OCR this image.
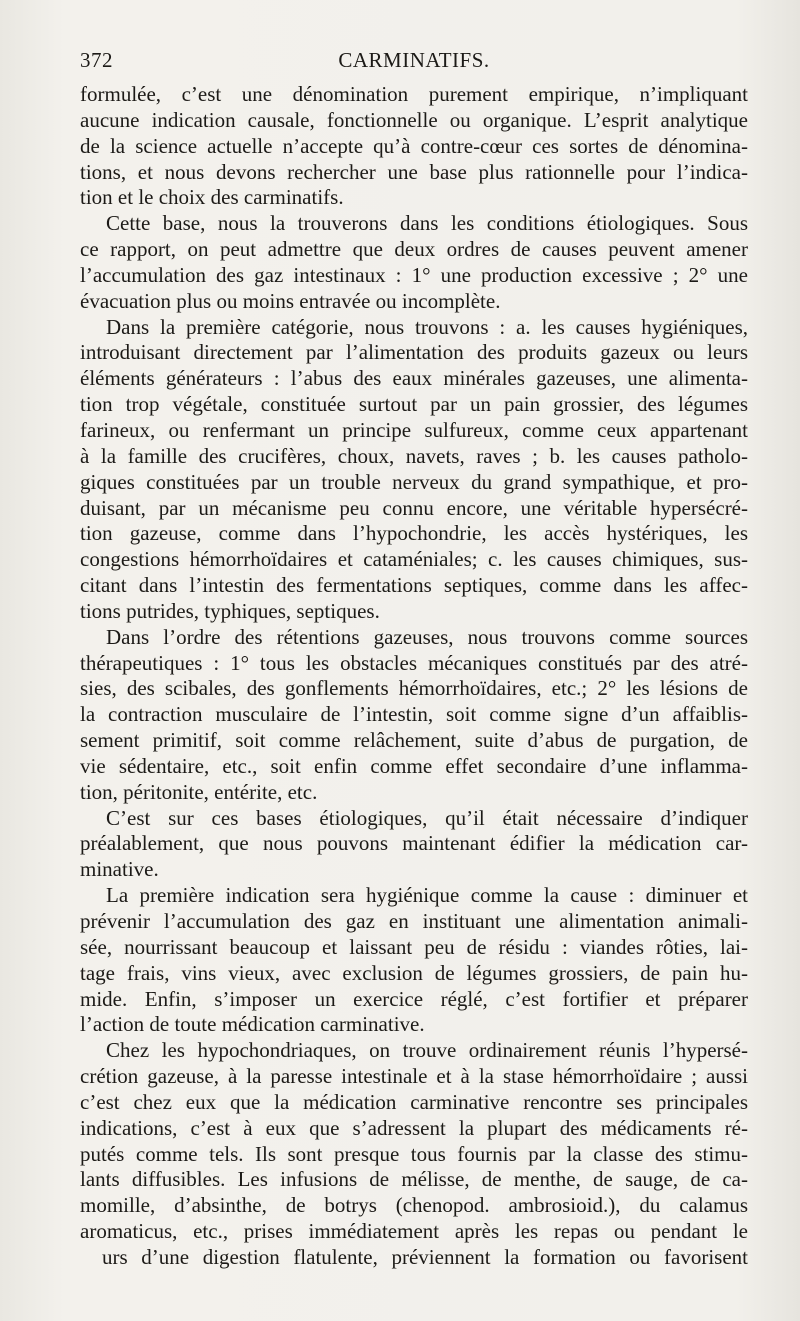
372	CARMINATIFS.

formulée, c’est une dénomination purement empirique, n’impliquant
aucune indication causale, fonctionnelle ou organique. L’esprit analytique
de la science actuelle n’accepte qu’à contre-cœur ces sortes de dénomina-
tions, et nous devons rechercher une base plus rationnelle pour l’indica-
tion et le choix des carminatifs.

Cette base, nous la trouverons dans les conditions étiologiques. Sous
ce rapport, on peut admettre que deux ordres de causes peuvent amener
l’accumulation des gaz intestinaux : 1° une production excessive ; 2° une
évacuation plus ou moins entravée ou incomplète.

Dans la première catégorie, nous trouvons : a. les causes hygiéniques,
introduisant directement par l’alimentation des produits gazeux ou leurs
éléments générateurs : l’abus des eaux minérales gazeuses, une alimenta-
tion trop végétale, constituée surtout par un pain grossier, des légumes
farineux, ou renfermant un principe sulfureux, comme ceux appartenant
à la famille des crucifères, choux, navets, raves ; b. les causes patholo-
giques constituées par un trouble nerveux du grand sympathique, et pro-
duisant, par un mécanisme peu connu encore, une véritable hypersécré-
tion gazeuse, comme dans l’hypochondrie, les accès hystériques, les
congestions hémorrhoïdaires et cataméniales; c. les causes chimiques, sus-
citant dans l’intestin des fermentations septiques, comme dans les affec-
tions putrides, typhiques, septiques.

Dans l’ordre des rétentions gazeuses, nous trouvons comme sources
thérapeutiques : 1° tous les obstacles mécaniques constitués par des atré-
sies, des scibales, des gonflements hémorrhoïdaires, etc.; 2° les lésions de
la contraction musculaire de l’intestin, soit comme signe d’un affaiblis-
sement primitif, soit comme relâchement, suite d’abus de purgation, de
vie sédentaire, etc., soit enfin comme effet secondaire d’une inflamma-
tion, péritonite, entérite, etc.

C’est sur ces bases étiologiques, qu’il était nécessaire d’indiquer
préalablement, que nous pouvons maintenant édifier la médication car-
minative.

La première indication sera hygiénique comme la cause : diminuer et
prévenir l’accumulation des gaz en instituant une alimentation animali-
sée, nourrissant beaucoup et laissant peu de résidu : viandes rôties, lai-
tage frais, vins vieux, avec exclusion de légumes grossiers, de pain hu-
mide. Enfin, s’imposer un exercice réglé, c’est fortifier et préparer
l’action de toute médication carminative.

Chez les hypochondriaques, on trouve ordinairement réunis l’hypersé-
crétion gazeuse, à la paresse intestinale et à la stase hémorrhoïdaire ; aussi
c’est chez eux que la médication carminative rencontre ses principales
indications, c’est à eux que s’adressent la plupart des médicaments ré-
putés comme tels. Ils sont presque tous fournis par la classe des stimu-
lants diffusibles. Les infusions de mélisse, de menthe, de sauge, de ca-
momille, d’absinthe, de botrys (chenopod. ambrosioid.), du calamus
aromaticus, etc., prises immédiatement après les repas ou pendant le
urs d’une digestion flatulente, préviennent la formation ou favorisent
